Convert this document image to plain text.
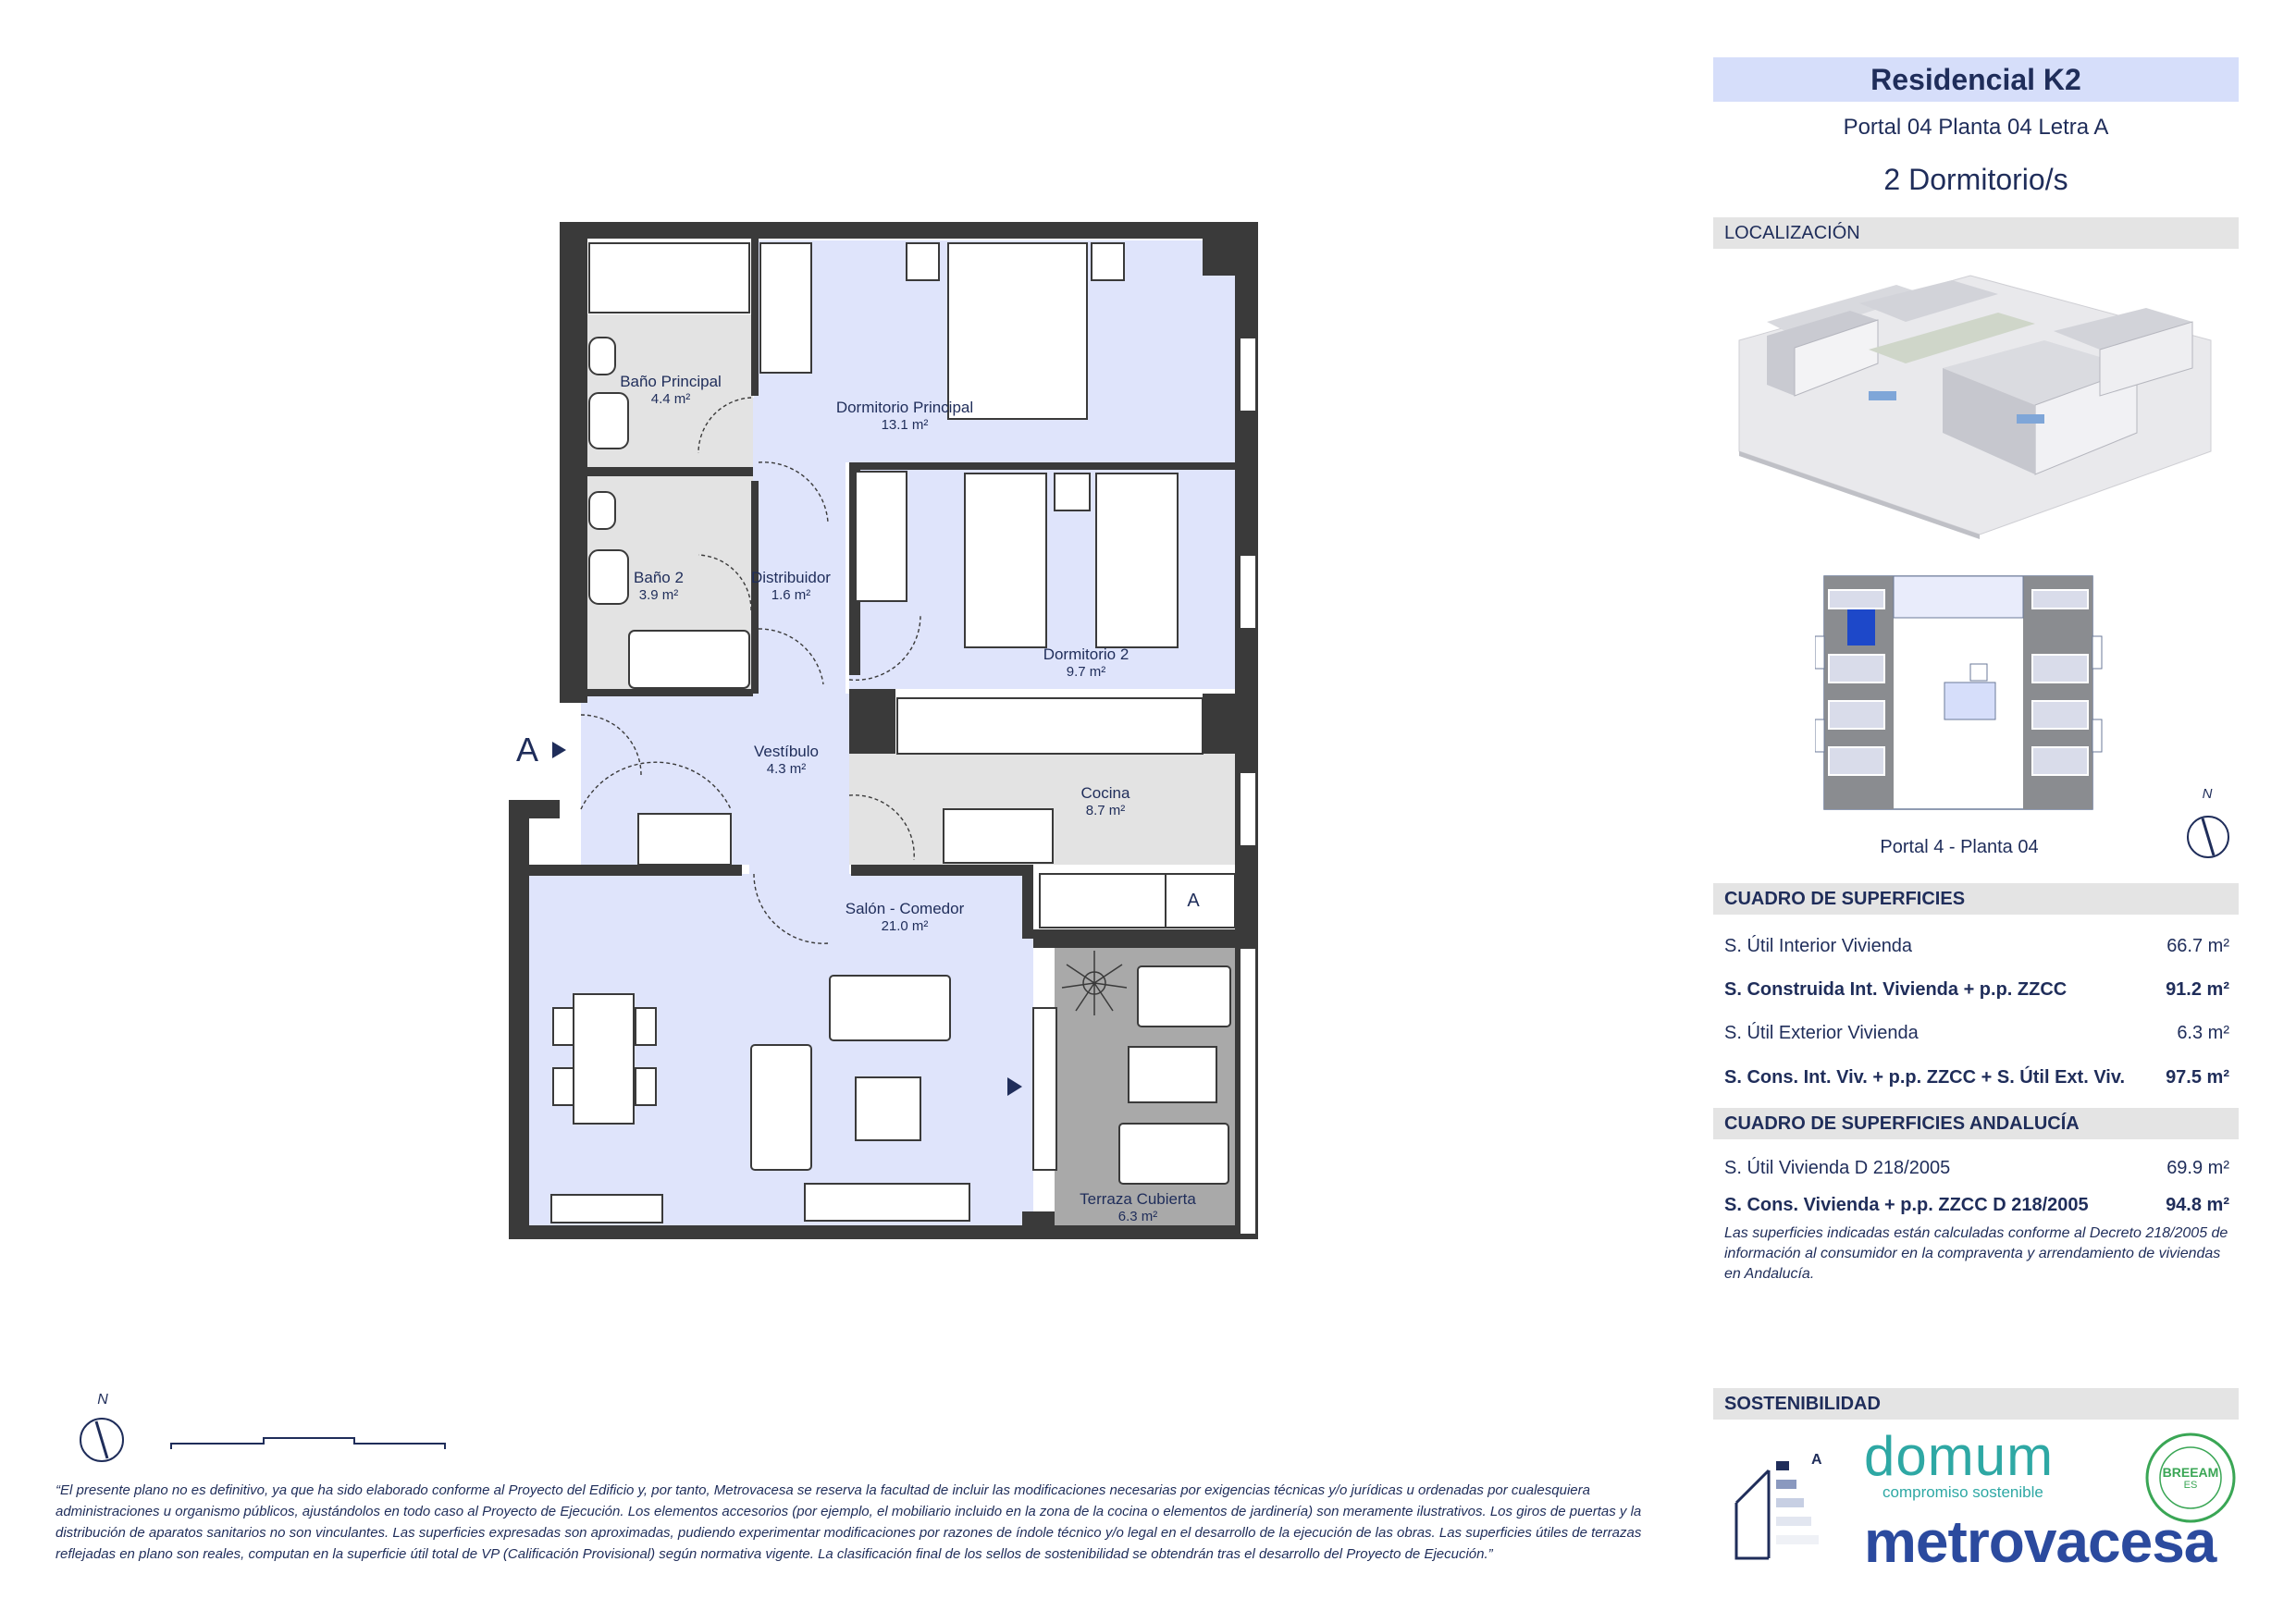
Baño Principal
4.4 m²	Dormitorio Principal
13.1 m²
Baño 2
3.9 m²
Distribuidor
1.6 m²
Dormitorio 2
9.7 m²
Vestíbulo
4.3 m²
Cocina
8.7 m²
Salón - Comedor
21.0 m²
Terraza Cubierta
6.3 m²
A
A
N
Residencial K2
Portal 04 Planta 04 Letra A
2 Dormitorio/s
LOCALIZACIÓN
Portal 4 - Planta 04
N
CUADRO DE SUPERFICIES
S. Útil Interior Vivienda	66.7 m²
S. Construida Int. Vivienda + p.p. ZZCC	91.2 m²
S. Útil Exterior Vivienda	6.3 m²
S. Cons. Int. Viv. + p.p. ZZCC + S. Útil Ext. Viv. 97.5 m²
CUADRO DE SUPERFICIES ANDALUCÍA
S. Útil Vivienda D 218/2005	69.9 m²
S. Cons. Vivienda + p.p. ZZCC D 218/2005	94.8 m²
Las superficies indicadas están calculadas conforme al Decreto 218/2005 de información al consumidor en la compraventa y arrendamiento de viviendas en Andalucía.
SOSTENIBILIDAD
A domum
compromiso sostenible
BREEAM
ES
metrovacesa
“El presente plano no es definitivo, ya que ha sido elaborado conforme al Proyecto del Edificio y, por tanto, Metrovacesa se reserva la facultad de incluir las modificaciones necesarias por exigencias técnicas y/o jurídicas u ordenadas por cualesquiera administraciones u organismo públicos, ajustándolos en todo caso al Proyecto de Ejecución. Los elementos accesorios (por ejemplo, el mobiliario incluido en la zona de la cocina o elementos de jardinería) son meramente ilustrativos. Los giros de puertas y la distribución de aparatos sanitarios no son vinculantes. Las superficies expresadas son aproximadas, pudiendo experimentar modificaciones por razones de índole técnico y/o legal en el desarrollo de la ejecución de las obras. Las superficies útiles de terrazas reflejadas en plano son reales, computan en la superficie útil total de VP (Calificación Provisional) según normativa vigente. La clasificación final de los sellos de sostenibilidad se obtendrán tras el desarrollo del Proyecto de Ejecución.”
